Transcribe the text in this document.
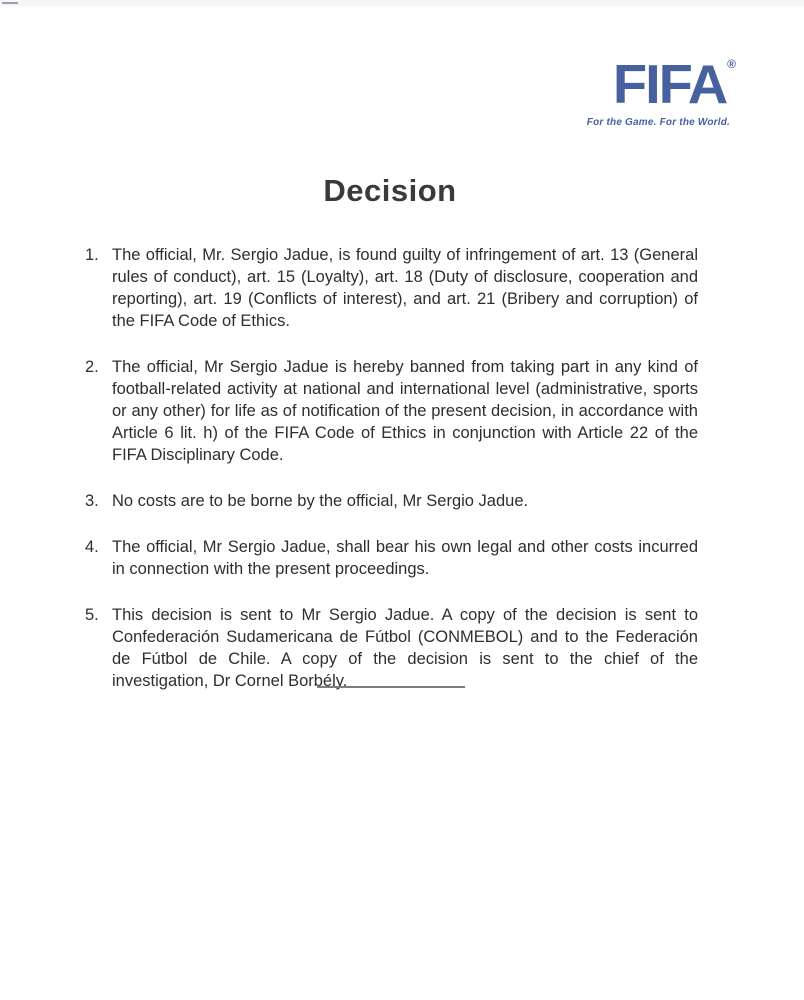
FIFA®
For the Game. For the World.
Decision
1. The official, Mr. Sergio Jadue, is found guilty of infringement of art. 13 (General rules of conduct), art. 15 (Loyalty), art. 18 (Duty of disclosure, cooperation and reporting), art. 19 (Conflicts of interest), and art. 21 (Bribery and corruption) of the FIFA Code of Ethics.
2. The official, Mr Sergio Jadue is hereby banned from taking part in any kind of football-related activity at national and international level (administrative, sports or any other) for life as of notification of the present decision, in accordance with Article 6 lit. h) of the FIFA Code of Ethics in conjunction with Article 22 of the FIFA Disciplinary Code.
3. No costs are to be borne by the official, Mr Sergio Jadue.
4. The official, Mr Sergio Jadue, shall bear his own legal and other costs incurred in connection with the present proceedings.
5. This decision is sent to Mr Sergio Jadue. A copy of the decision is sent to Confederación Sudamericana de Fútbol (CONMEBOL) and to the Federación de Fútbol de Chile. A copy of the decision is sent to the chief of the investigation, Dr Cornel Borbély.
